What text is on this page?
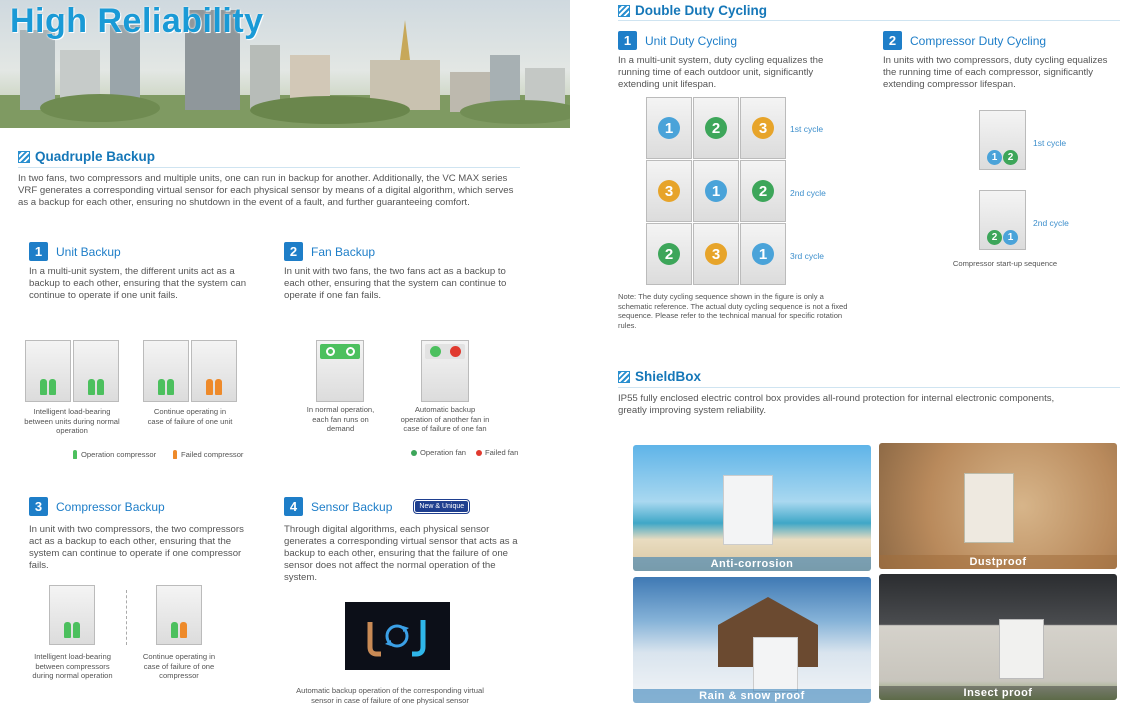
High Reliability
Quadruple Backup
In two fans, two compressors and multiple units, one can run in backup for another. Additionally, the VC MAX series VRF generates a corresponding virtual sensor for each physical sensor by means of a digital algorithm, which serves as a backup for each other, ensuring no shutdown in the event of a fault, and further guaranteeing comfort.
1	Unit Backup
In a multi-unit system, the different units act as a backup to each other, ensuring that the system can continue to operate if one unit fails.
Intelligent load-bearing between units during normal operation
Continue operating in case of failure of one unit
Operation compressor	Failed compressor
2	Fan Backup
In unit with two fans, the two fans act as a backup to each other, ensuring that the system can continue to operate if one fan fails.
In normal operation, each fan runs on demand
Automatic backup operation of another fan in case of failure of one fan
Operation fan Failed fan
3	Compressor Backup
In unit with two compressors, the two compressors act as a backup to each other, ensuring that the system can continue to operate if one compressor fails.
Intelligent load-bearing between compressors during normal operation
Continue operating in case of failure of one compressor
4	Sensor Backup	New & Unique
Through digital algorithms, each physical sensor generates a corresponding virtual sensor that acts as a backup to each other, ensuring that the failure of one sensor does not affect the normal operation of the system.
Automatic backup operation of the corresponding virtual sensor in case of failure of one physical sensor
Double Duty Cycling
1	Unit Duty Cycling
In a multi-unit system, duty cycling equalizes the running time of each outdoor unit, significantly extending unit lifespan.
2	Compressor Duty Cycling
In units with two compressors, duty cycling equalizes the running time of each compressor, significantly extending compressor lifespan.
1	2	3
3	1	2
2	3	1
1st cycle
2nd cycle
3rd cycle
Note: The duty cycling sequence shown in the figure is only a schematic reference. The actual duty cycling sequence is not a fixed sequence. Please refer to the technical manual for specific rotation rules.
1	2
1st cycle
2	1
2nd cycle
Compressor start-up sequence
ShieldBox
IP55 fully enclosed electric control box provides all-round protection for internal electronic components, greatly improving system reliability.
Anti-corrosion	Dustproof
Rain & snow proof	Insect proof
